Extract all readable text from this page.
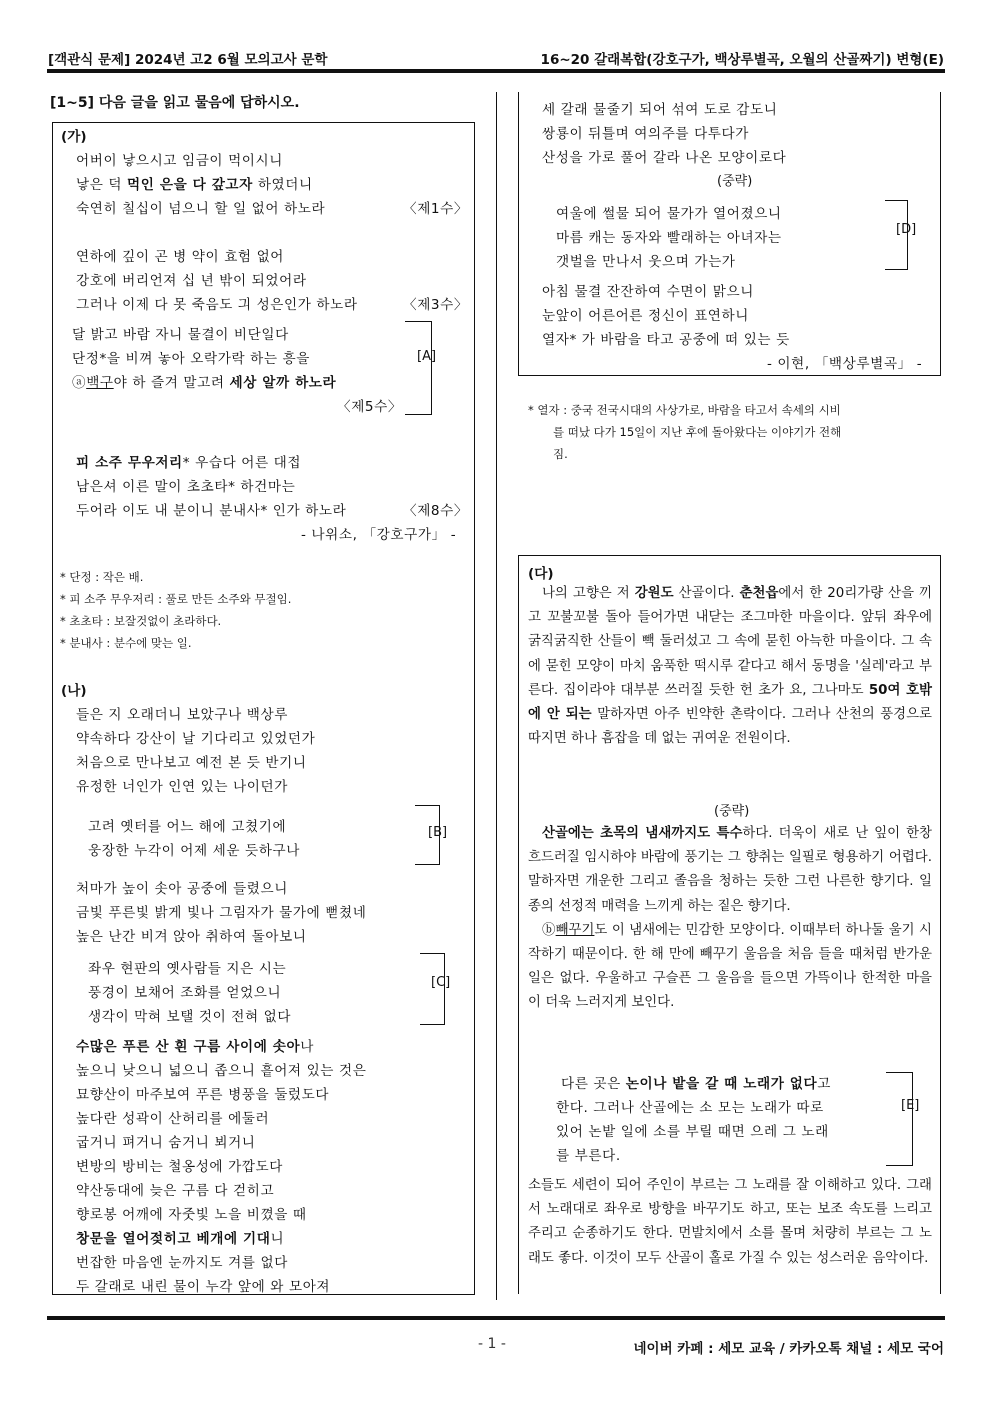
[객관식 문제] 2024년 고2 6월 모의고사 문학	16~20 갈래복합(강호구가, 백상루별곡, 오월의 산골짜기) 변형(E)
[1~5] 다음 글을 읽고 물음에 답하시오.
(가)
어버이 낳으시고 임금이 먹이시니
낳은 덕 먹인 은을 다 갚고자 하였더니
숙연히 칠십이 넘으니 할 일 없어 하노라	〈제1수〉
연하에 깊이 곤 병 약이 효험 없어
강호에 버리언져 십 년 밖이 되었어라
그러나 이제 다 못 죽음도 긔 성은인가 하노라	〈제3수〉
달 밝고 바람 자니 물결이 비단일다
단정*을 비껴 놓아 오락가락 하는 흥을
ⓐ백구야 하 즐겨 말고려 세상 알까 하노라
〈제5수〉
[A]
피 소주 무우저리* 우습다 어른 대접
남은셔 이른 말이 초초타* 하건마는
두어라 이도 내 분이니 분내사* 인가 하노라	〈제8수〉
- 나위소, 「강호구가」 -
* 단정 : 작은 배.
* 피 소주 무우저리 : 풀로 만든 소주와 무절임.
* 초초타 : 보잘것없이 초라하다.
* 분내사 : 분수에 맞는 일.
(나)
들은 지 오래더니 보았구나 백상루
약속하다 강산이 날 기다리고 있었던가
처음으로 만나보고 예전 본 듯 반기니
유정한 너인가 인연 있는 나이던가
고려 옛터를 어느 해에 고쳤기에
웅장한 누각이 어제 세운 듯하구나
[B]
처마가 높이 솟아 공중에 들렸으니
금빛 푸른빛 밝게 빛나 그림자가 물가에 뻗쳤네
높은 난간 비겨 앉아 취하여 돌아보니
좌우 현판의 옛사람들 지은 시는
풍경이 보채어 조화를 얻었으니
생각이 막혀 보탤 것이 전혀 없다
[C]
수많은 푸른 산 흰 구름 사이에 솟아나
높으니 낮으니 넓으니 좁으니 흩어져 있는 것은
묘향산이 마주보여 푸른 병풍을 둘렀도다
높다란 성곽이 산허리를 에둘러
굽거니 펴거니 숨거니 뵈거니
변방의 방비는 철옹성에 가깝도다
약산동대에 늦은 구름 다 걷히고
향로봉 어깨에 자줏빛 노을 비꼈을 때
창문을 열어젖히고 베개에 기대니
번잡한 마음엔 눈까지도 겨를 없다
두 갈래로 내린 물이 누각 앞에 와 모아져
세 갈래 물줄기 되어 섞여 도로 감도니
쌍룡이 뒤틀며 여의주를 다투다가
산성을 가로 풀어 갈라 나온 모양이로다
(중략)
여울에 썰물 되어 물가가 열어졌으니
마름 캐는 동자와 빨래하는 아녀자는
갯벌을 만나서 웃으며 가는가
[D]
아침 물결 잔잔하여 수면이 맑으니
눈앞이 어른어른 정신이 표연하니
열자* 가 바람을 타고 공중에 떠 있는 듯
- 이현, 「백상루별곡」 -
* 열자 : 중국 전국시대의 사상가로, 바람을 타고서 속세의 시비
를 떠났 다가 15일이 지난 후에 돌아왔다는 이야기가 전해
짐.
(다)

나의 고향은 저 강원도 산골이다. 춘천읍에서 한 20리가량 산을 끼고 꼬불꼬불 돌아 들어가면 내닫는 조그마한 마을이다. 앞뒤 좌우에 굵직굵직한 산들이 빽 둘러섰고 그 속에 묻힌 아늑한 마을이다. 그 속에 묻힌 모양이 마치 움푹한 떡시루 같다고 해서 동명을 '실레'라고 부른다. 집이라야 대부분 쓰러질 듯한 헌 초가 요, 그나마도 50여 호밖에 안 되는 말하자면 아주 빈약한 촌락이다. 그러나 산천의 풍경으로 따지면 하나 흠잡을 데 없는 귀여운 전원이다.

(중략)

산골에는 초목의 냄새까지도 특수하다. 더욱이 새로 난 잎이 한창 흐드러질 임시하야 바람에 풍기는 그 향취는 일필로 형용하기 어렵다. 말하자면 개운한 그리고 졸음을 청하는 듯한 그런 나른한 향기다. 일종의 선정적 매력을 느끼게 하는 짙은 향기다.

ⓑ빼꾸기도 이 냄새에는 민감한 모양이다. 이때부터 하나둘 울기 시작하기 때문이다. 한 해 만에 빼꾸기 울음을 처음 들을 때처럼 반가운 일은 없다. 우울하고 구슬픈 그 울음을 들으면 가뜩이나 한적한 마을이 더욱 느러지게 보인다.

다른 곳은 논이나 밭을 갈 때 노래가 없다고
한다. 그러나 산골에는 소 모는 노래가 따로
있어 논밭 일에 소를 부릴 때면 으레 그 노래
를 부른다.
[E]

소들도 세련이 되어 주인이 부르는 그 노래를 잘 이해하고 있다. 그래서 노래대로 좌우로 방향을 바꾸기도 하고, 또는 보조 속도를 느리고 주리고 순종하기도 한다. 먼발치에서 소를 몰며 처량히 부르는 그 노래도 좋다. 이것이 모두 산골이 홀로 가질 수 있는 성스러운 음악이다.

- 1 -	네이버 카페 : 세모 교육 / 카카오톡 채널 : 세모 국어
